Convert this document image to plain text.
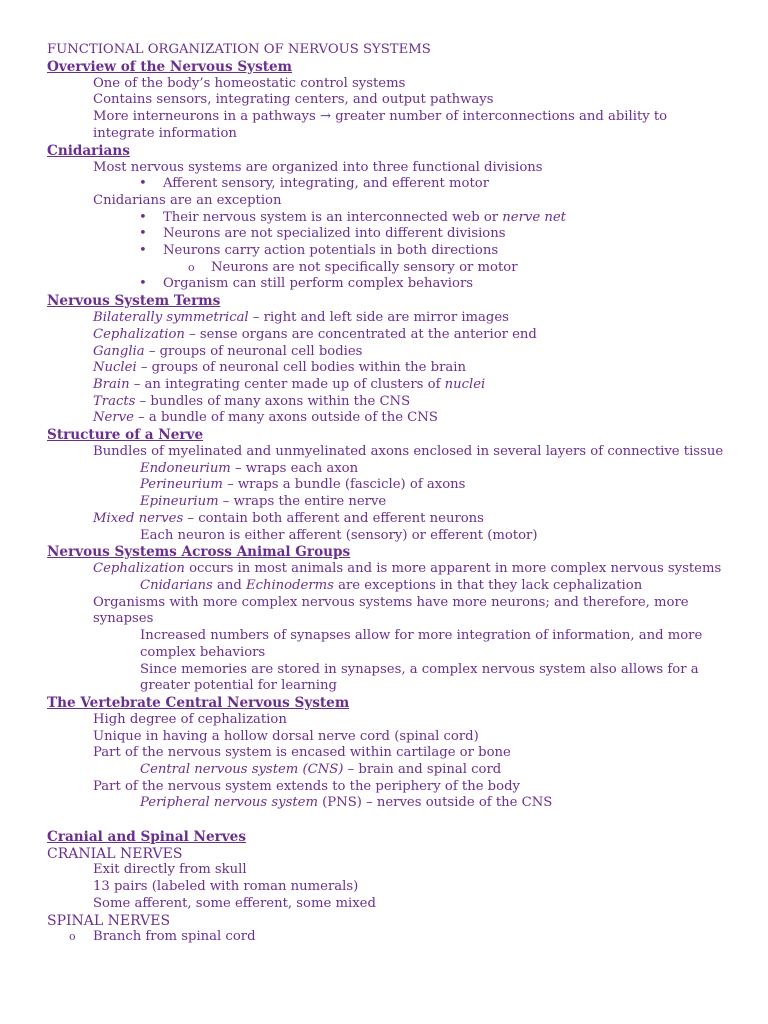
FUNCTIONAL ORGANIZATION OF NERVOUS SYSTEMS
Overview of the Nervous System
One of the body’s homeostatic control systems
Contains sensors, integrating centers, and output pathways
More interneurons in a pathways → greater number of interconnections and ability to integrate information
Cnidarians
Most nervous systems are organized into three functional divisions
• Afferent sensory, integrating, and efferent motor
Cnidarians are an exception
• Their nervous system is an interconnected web or nerve net
• Neurons are not specialized into different divisions
• Neurons carry action potentials in both directions
o Neurons are not specifically sensory or motor
• Organism can still perform complex behaviors
Nervous System Terms
Bilaterally symmetrical – right and left side are mirror images
Cephalization – sense organs are concentrated at the anterior end
Ganglia – groups of neuronal cell bodies
Nuclei – groups of neuronal cell bodies within the brain
Brain – an integrating center made up of clusters of nuclei
Tracts – bundles of many axons within the CNS
Nerve – a bundle of many axons outside of the CNS
Structure of a Nerve
Bundles of myelinated and unmyelinated axons enclosed in several layers of connective tissue
Endoneurium – wraps each axon
Perineurium – wraps a bundle (fascicle) of axons
Epineurium – wraps the entire nerve
Mixed nerves – contain both afferent and efferent neurons
Each neuron is either afferent (sensory) or efferent (motor)
Nervous Systems Across Animal Groups
Cephalization occurs in most animals and is more apparent in more complex nervous systems
Cnidarians and Echinoderms are exceptions in that they lack cephalization
Organisms with more complex nervous systems have more neurons; and therefore, more synapses
Increased numbers of synapses allow for more integration of information, and more complex behaviors
Since memories are stored in synapses, a complex nervous system also allows for a greater potential for learning
The Vertebrate Central Nervous System
High degree of cephalization
Unique in having a hollow dorsal nerve cord (spinal cord)
Part of the nervous system is encased within cartilage or bone
Central nervous system (CNS) – brain and spinal cord
Part of the nervous system extends to the periphery of the body
Peripheral nervous system (PNS) – nerves outside of the CNS
Cranial and Spinal Nerves
CRANIAL NERVES
Exit directly from skull
13 pairs (labeled with roman numerals)
Some afferent, some efferent, some mixed
SPINAL NERVES
o Branch from spinal cord
